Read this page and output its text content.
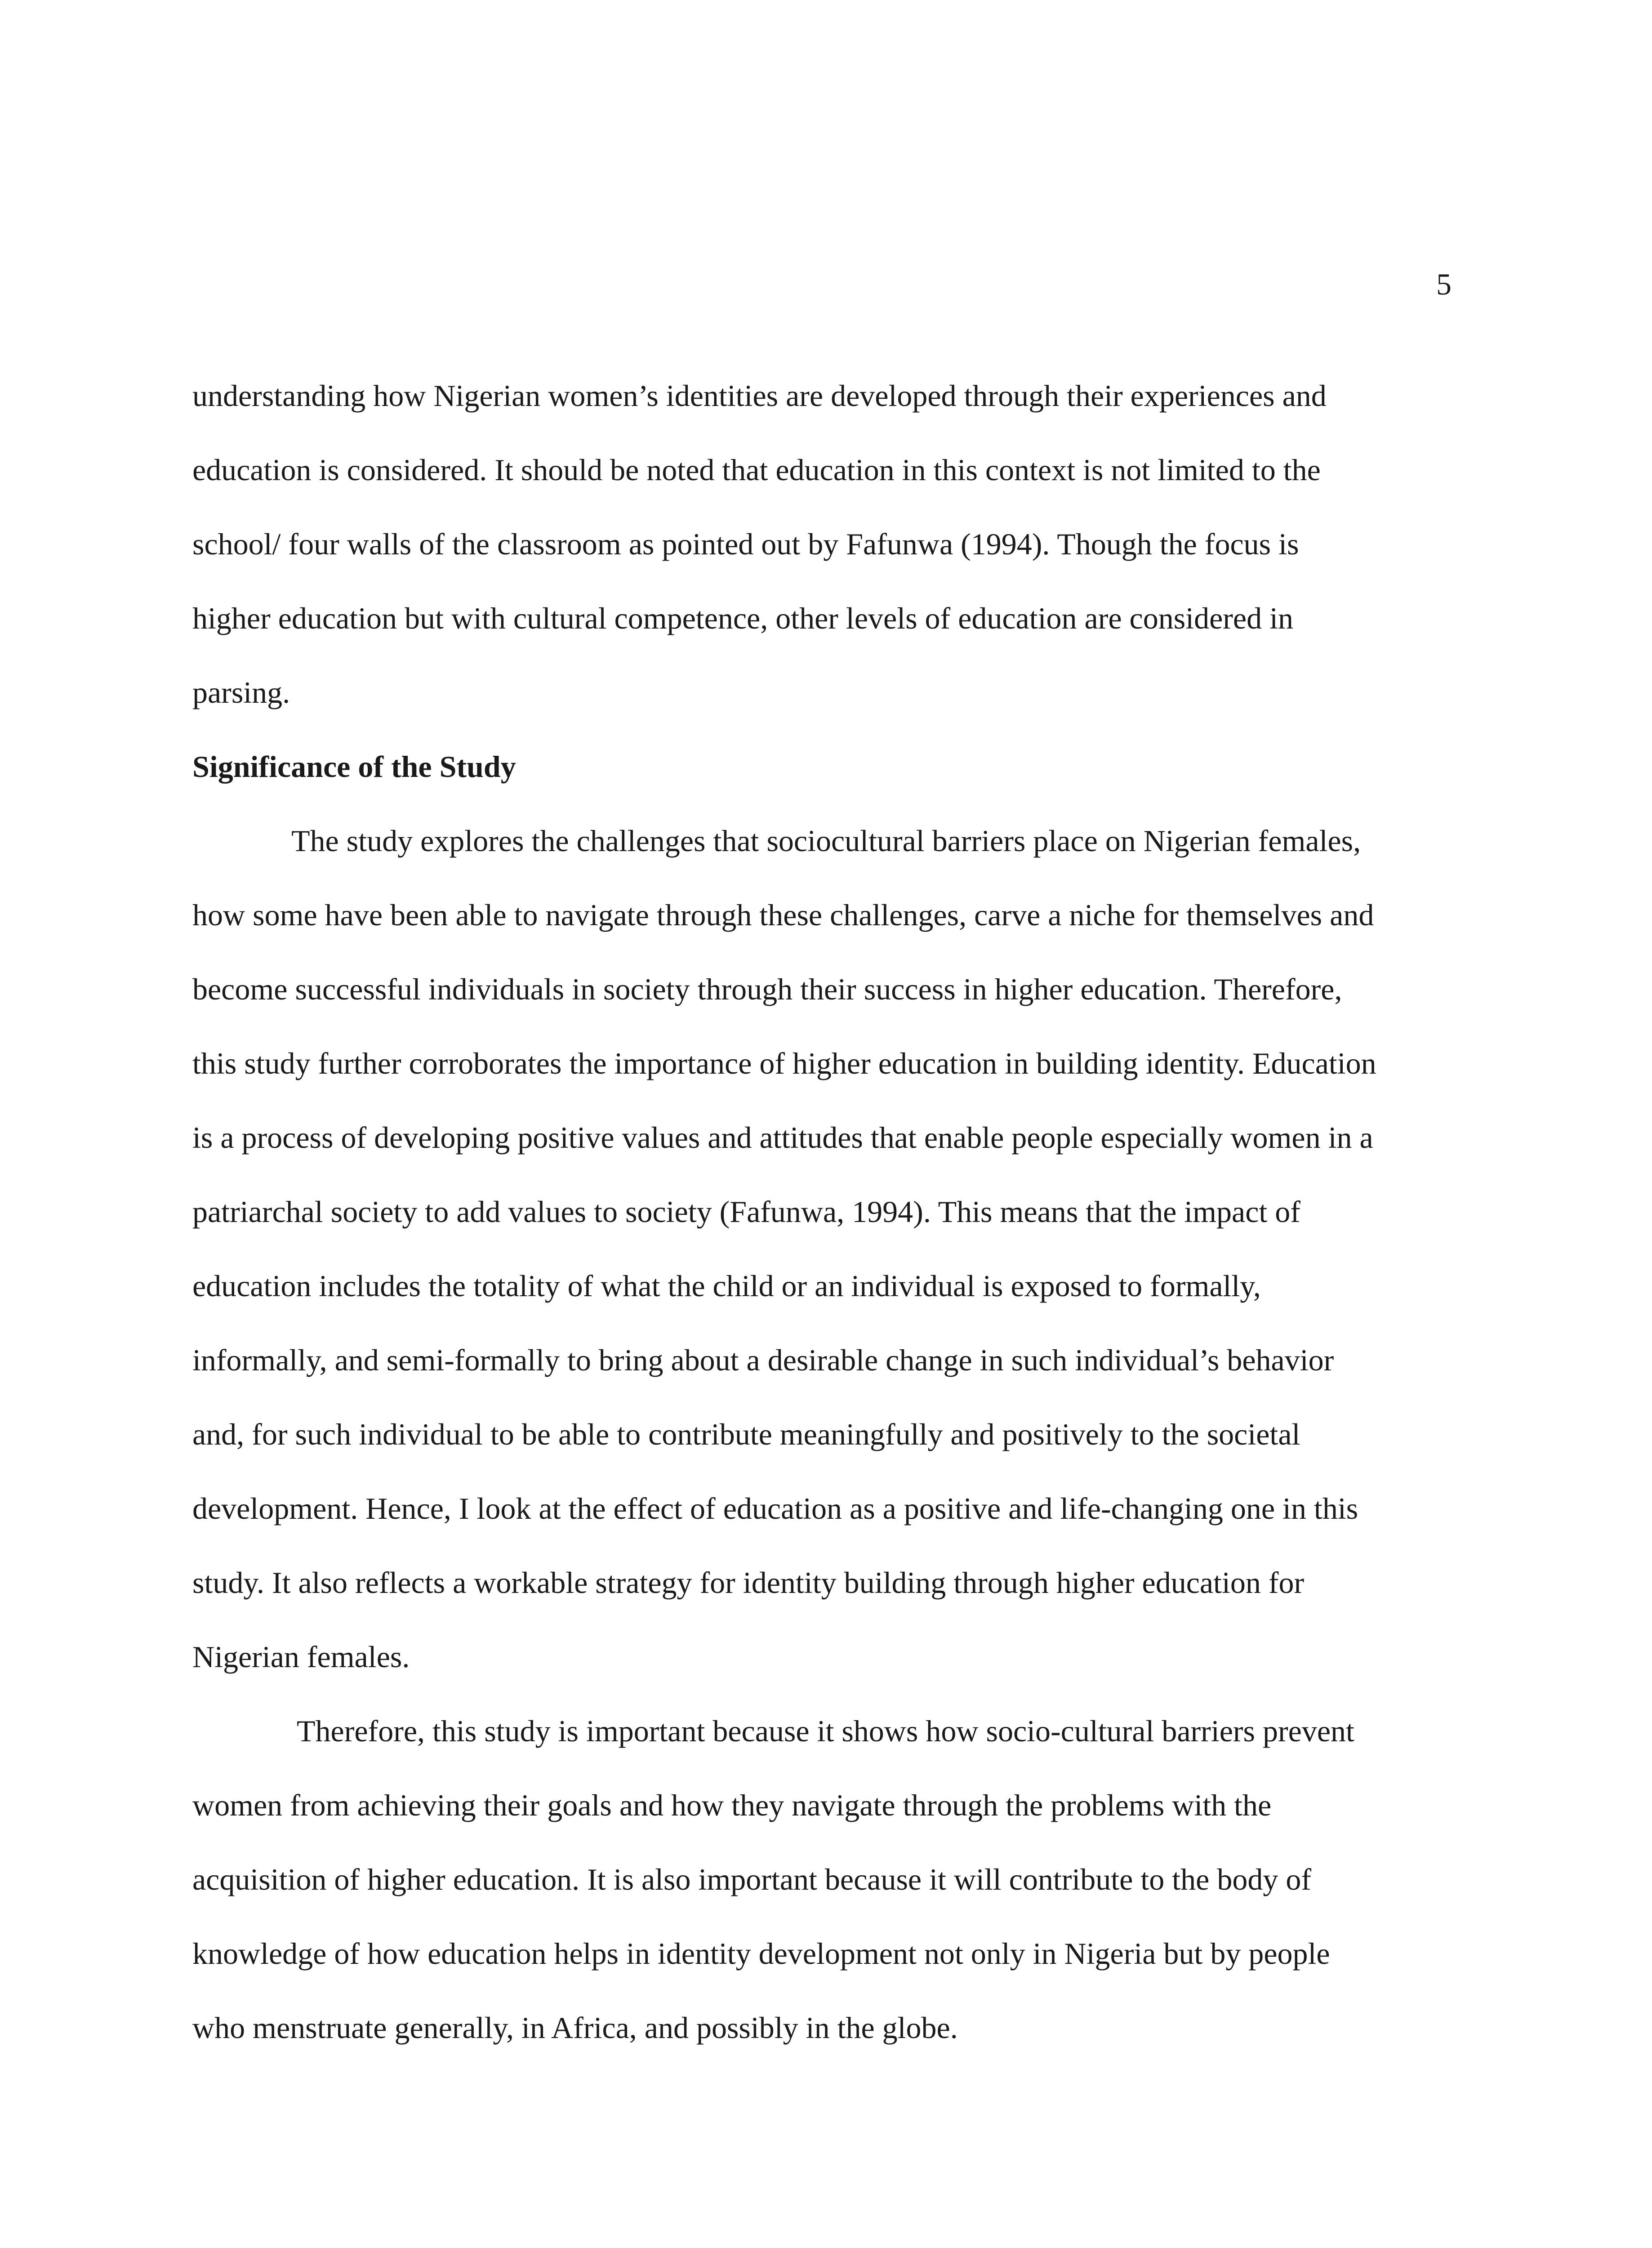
5
understanding how Nigerian women’s identities are developed through their experiences and
education is considered. It should be noted that education in this context is not limited to the
school/ four walls of the classroom as pointed out by Fafunwa (1994). Though the focus is
higher education but with cultural competence, other levels of education are considered in
parsing.
Significance of the Study
The study explores the challenges that sociocultural barriers place on Nigerian females,
how some have been able to navigate through these challenges, carve a niche for themselves and
become successful individuals in society through their success in higher education. Therefore,
this study further corroborates the importance of higher education in building identity. Education
is a process of developing positive values and attitudes that enable people especially women in a
patriarchal society to add values to society (Fafunwa, 1994). This means that the impact of
education includes the totality of what the child or an individual is exposed to formally,
informally, and semi-formally to bring about a desirable change in such individual’s behavior
and, for such individual to be able to contribute meaningfully and positively to the societal
development. Hence, I look at the effect of education as a positive and life-changing one in this
study. It also reflects a workable strategy for identity building through higher education for
Nigerian females.
Therefore, this study is important because it shows how socio-cultural barriers prevent
women from achieving their goals and how they navigate through the problems with the
acquisition of higher education. It is also important because it will contribute to the body of
knowledge of how education helps in identity development not only in Nigeria but by people
who menstruate generally, in Africa, and possibly in the globe.
